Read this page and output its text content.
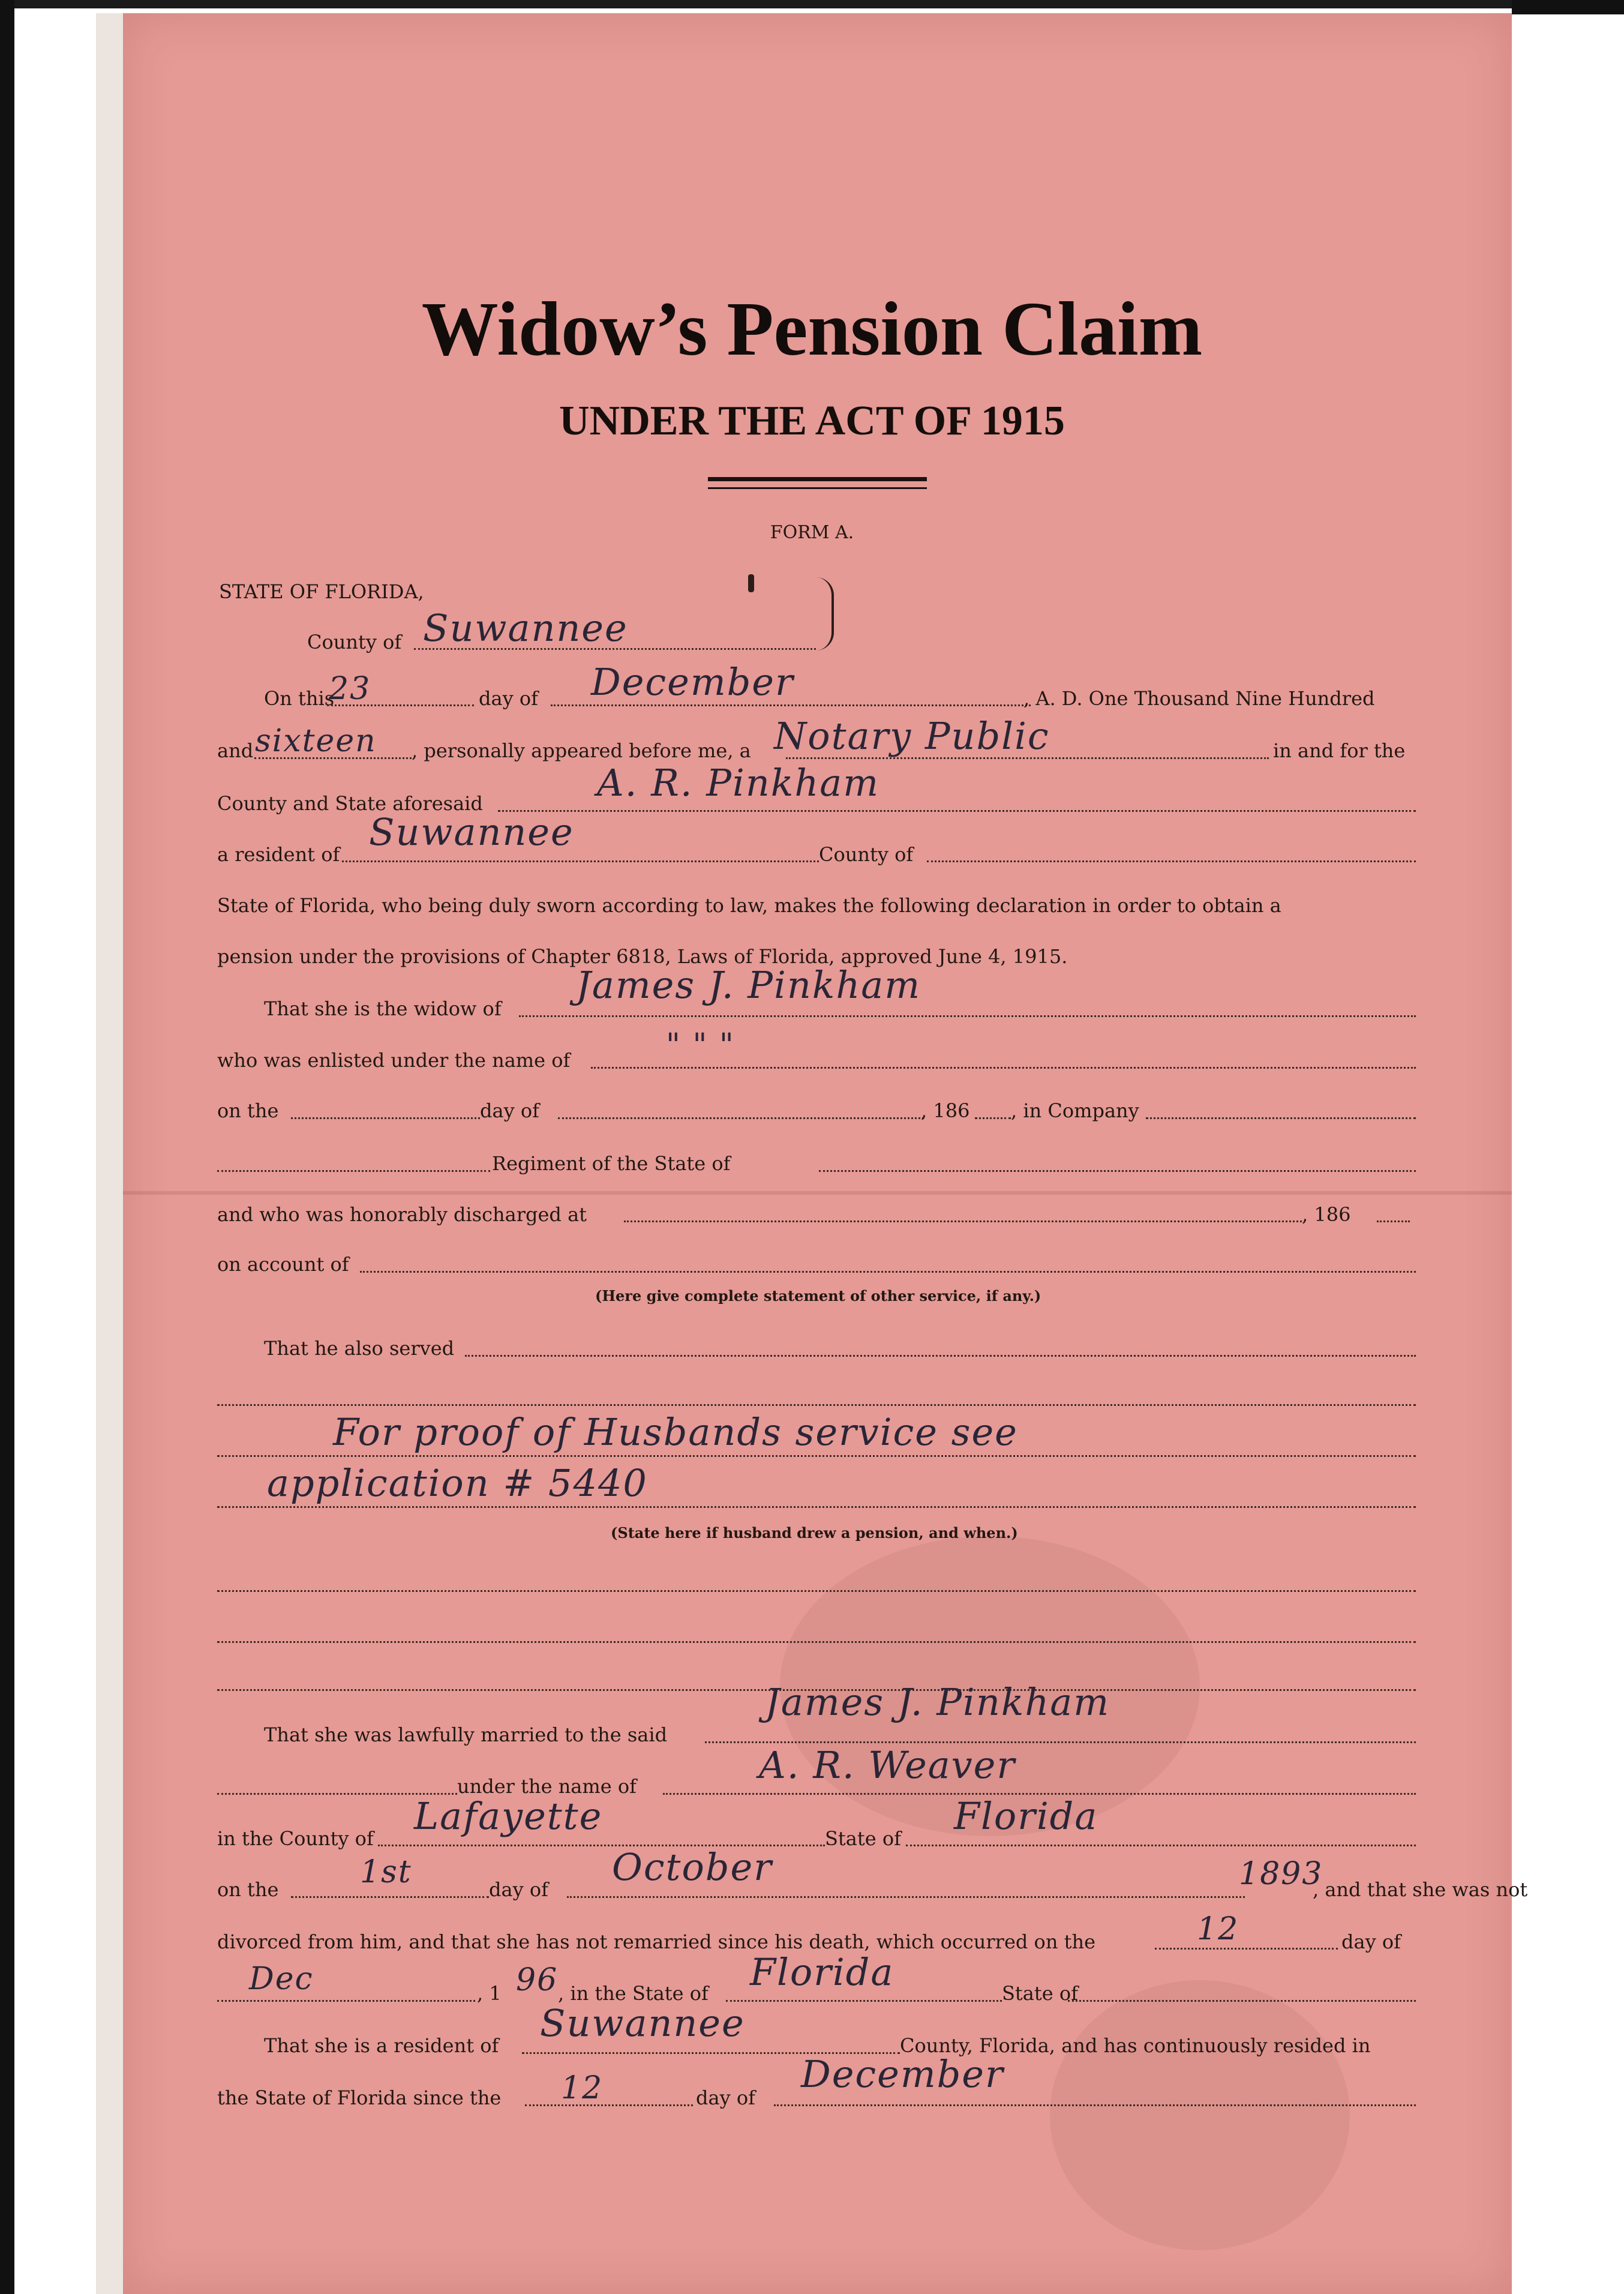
Widow’s Pension Claim
UNDER THE ACT OF 1915
FORM A.
STATE OF FLORIDA,
County of Suwannee
On this
23	day of December	, A. D. One Thousand Nine Hundred
and sixteen , personally appeared before me, a Notary Public	in and for the
County and State aforesaid	A. R. Pinkham
a resident of
Suwannee
County of
State of Florida, who being duly sworn according to law, makes the following declaration in order to obtain a
pension under the provisions of Chapter 6818, Laws of Florida, approved June 4, 1915.
That she is the widow of
James J. Pinkham
who was enlisted under the name of	" " "
on the	day of	, 186 , in Company
Regiment of the State of
and who was honorably discharged at	, 186
on account of
(Here give complete statement of other service, if any.)
That he also served
For proof of Husbands service see
application # 5440
(State here if husband drew a pension, and when.)
That she was lawfully married to the said
James J. Pinkham
under the name of	A. R. Weaver
in the County of
Lafayette
State of
Florida
on the	1st	day of
October	1893
, and that she was not
divorced from him, and that she has not remarried since his death, which occurred on the	12	day of
Dec	, 1 96 , in the State of Florida	State of
That she is a resident of
Suwannee
County, Florida, and has continuously resided in
the State of Florida since the 12	day of
December
